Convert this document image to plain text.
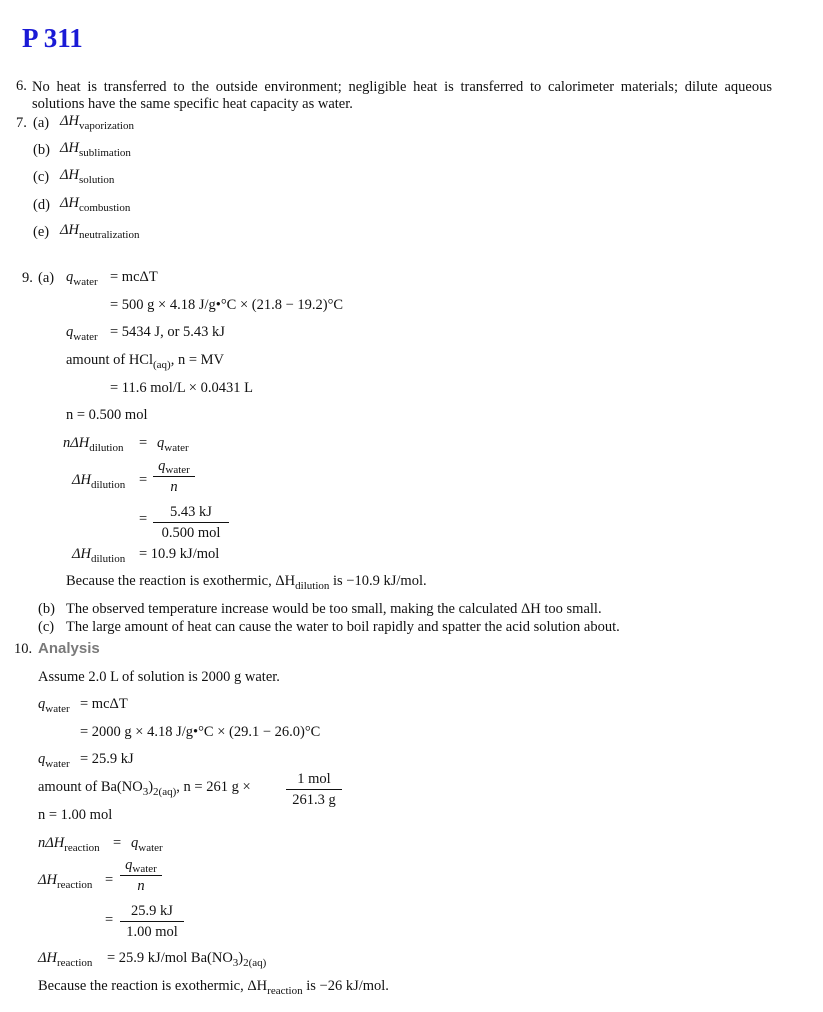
P 311
6. No heat is transferred to the outside environment; negligible heat is transferred to calorimeter materials; dilute aqueous solutions have the same specific heat capacity as water.
7. (a) $\Delta H_{vaporization}$
(b) $\Delta H_{sublimation}$
(c) $\Delta H_{solution}$
(d) $\Delta H_{combustion}$
(e) $\Delta H_{neutralization}$
9. (a) $q_{water} = mc\Delta T$
= 500 g × 4.18 J/g•°C × (21.8 − 19.2)°C
$q_{water} = 5434$ J, or 5.43 kJ
amount of HCl$_{(aq)}$, n = MV
= 11.6 mol/L × 0.0431 L
n = 0.500 mol
$n\Delta H_{dilution} = q_{water}$
$\Delta H_{dilution}$ =
$q_{water}$
n
=	5.43 kJ
0.500 mol
$\Delta H_{dilution} = 10.9$ kJ/mol
Because the reaction is exothermic, $\Delta H_{dilution}$ is −10.9 kJ/mol.
(b) The observed temperature increase would be too small, making the calculated ΔH too small.
(c) The large amount of heat can cause the water to boil rapidly and spatter the acid solution about.
10. Analysis
Assume 2.0 L of solution is 2000 g water.
$q_{water} = mc\Delta T$
= 2000 g × 4.18 J/g•°C × (29.1 − 26.0)°C
$q_{water} = 25.9$ kJ
amount of $Ba(NO_3)_{2(aq)}$, n = 261 g ×	1 mol
261.3 g
n = 1.00 mol
$n\Delta H_{reaction} = q_{water}$
$\Delta H_{reaction}$ =
$q_{water}$
n
=
25.9 kJ
1.00 mol
$\Delta H_{reaction} = 25.9$ kJ/mol $Ba(NO_3)_{2(aq)}$
Because the reaction is exothermic, $\Delta H_{reaction}$ is −26 kJ/mol.
